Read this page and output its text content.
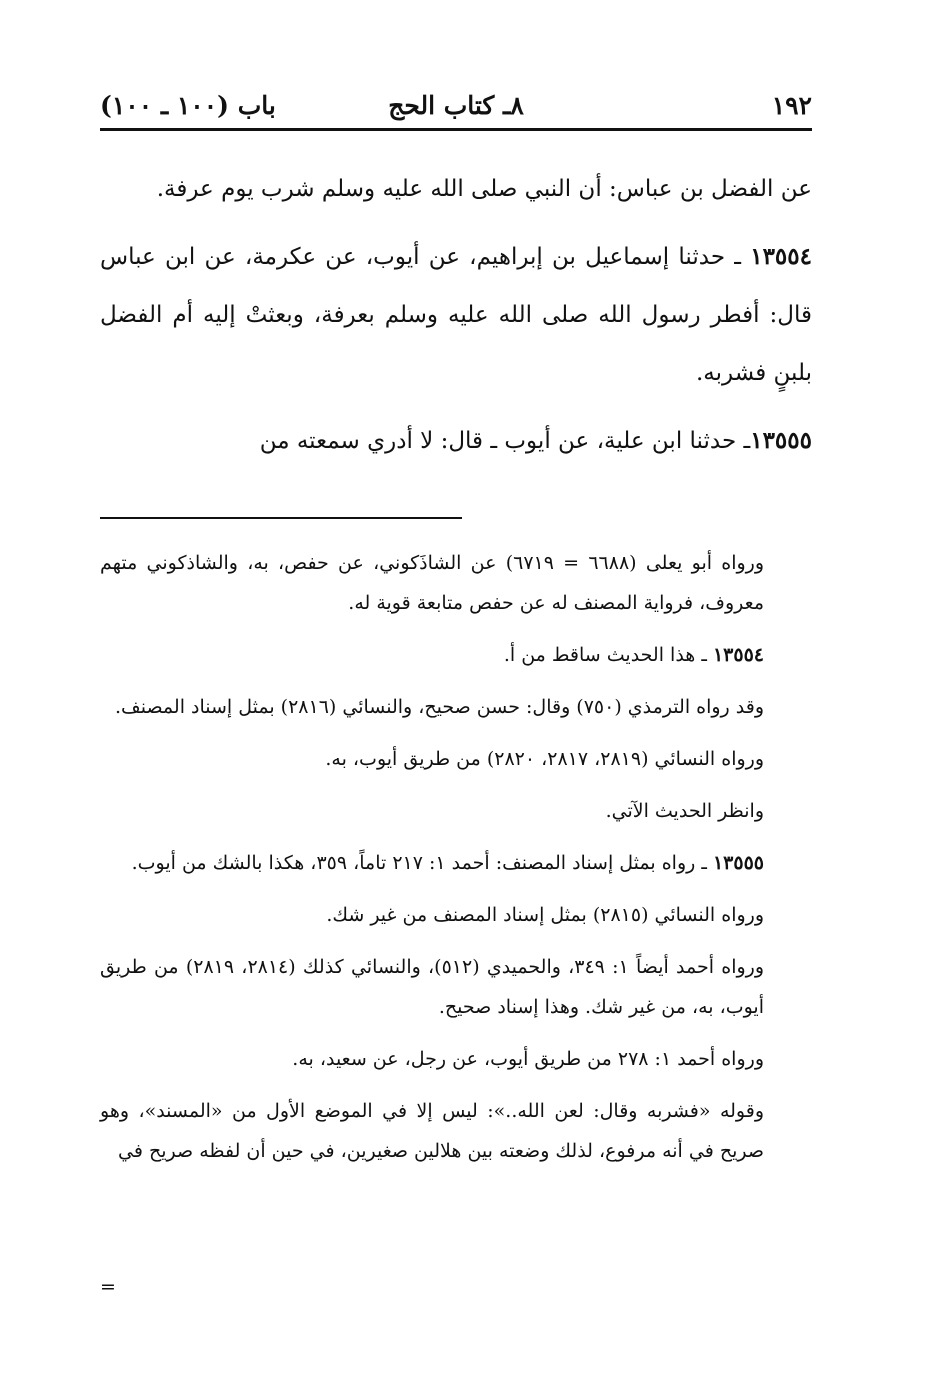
١٩٢
٨ـ كتاب الحج
باب (١٠٠ ـ ١٠٠)

عن الفضل بن عباس: أن النبي صلى الله عليه وسلم شرب يوم عرفة.

١٣٥٥٤ ـ حدثنا إسماعيل بن إبراهيم، عن أيوب، عن عكرمة، عن ابن عباس قال: أفطر رسول الله صلى الله عليه وسلم بعرفة، وبعثتْ إليه أم الفضل بلبنٍ فشربه.

١٣٥٥٥ـ حدثنا ابن علية، عن أيوب ـ قال: لا أدري سمعته من

ورواه أبو يعلى (٦٦٨٨ = ٦٧١٩) عن الشاذَكوني، عن حفص، به، والشاذكوني متهم معروف، فرواية المصنف له عن حفص متابعة قوية له.

١٣٥٥٤ ـ هذا الحديث ساقط من أ.

وقد رواه الترمذي (٧٥٠) وقال: حسن صحيح، والنسائي (٢٨١٦) بمثل إسناد المصنف.

ورواه النسائي (٢٨١٩، ٢٨١٧، ٢٨٢٠) من طريق أيوب، به.

وانظر الحديث الآتي.

١٣٥٥٥ ـ رواه بمثل إسناد المصنف: أحمد ١: ٢١٧ تاماً، ٣٥٩، هكذا بالشك من أيوب.

ورواه النسائي (٢٨١٥) بمثل إسناد المصنف من غير شك.

ورواه أحمد أيضاً ١: ٣٤٩، والحميدي (٥١٢)، والنسائي كذلك (٢٨١٤، ٢٨١٩) من طريق أيوب، به، من غير شك. وهذا إسناد صحيح.

ورواه أحمد ١: ٢٧٨ من طريق أيوب، عن رجل، عن سعيد، به.

وقوله «فشربه وقال: لعن الله..»: ليس إلا في الموضع الأول من «المسند»، وهو صريح في أنه مرفوع، لذلك وضعته بين هلالين صغيرين، في حين أن لفظه صريح في

=
